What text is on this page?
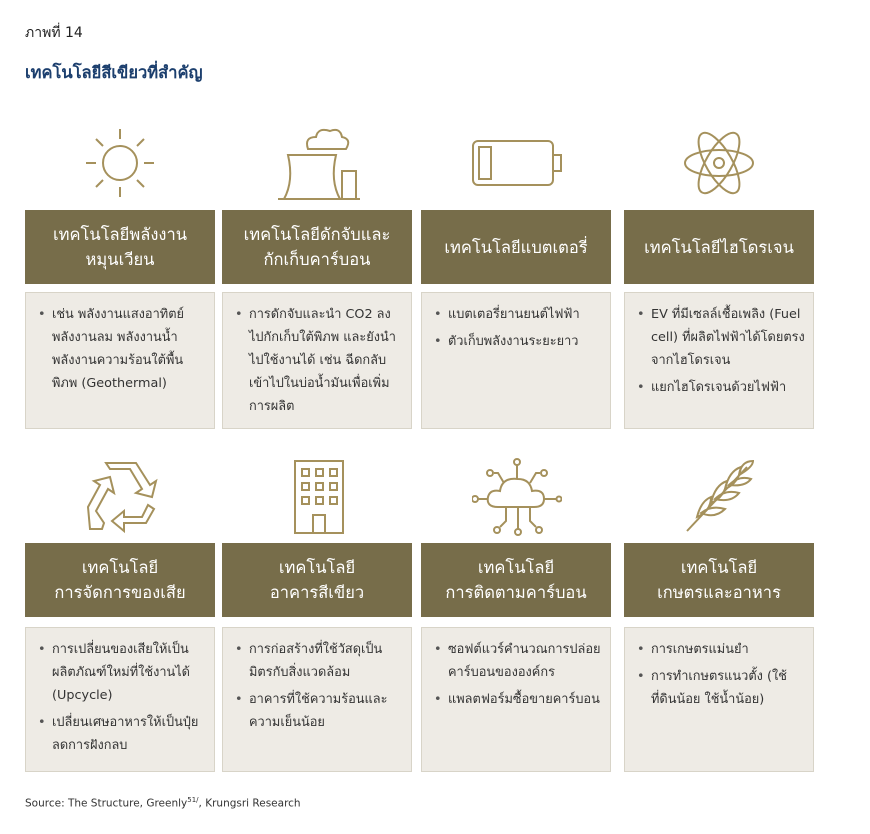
ภาพที่ 14
เทคโนโลยีสีเขียวที่สำคัญ
เทคโนโลยีพลังงาน
หมุนเวียน
เทคโนโลยีดักจับและ
กักเก็บคาร์บอน
เทคโนโลยีแบตเตอรี่	เทคโนโลยีไฮโดรเจน
• เช่น พลังงานแสงอาทิตย์ พลังงานลม พลังงานน้ำ พลังงานความร้อนใต้พื้นพิภพ (Geothermal)
• การดักจับและนำ CO2 ลงไปกักเก็บใต้พิภพ และยังนำไปใช้งานได้ เช่น ฉีดกลับเข้าไปในบ่อน้ำมันเพื่อเพิ่มการผลิต
• แบตเตอรี่ยานยนต์ไฟฟ้า
• ตัวเก็บพลังงานระยะยาว
• EV ที่มีเซลล์เชื้อเพลิง (Fuel cell) ที่ผลิตไฟฟ้าได้โดยตรงจากไฮโดรเจน
• แยกไฮโดรเจนด้วยไฟฟ้า
เทคโนโลยี
การจัดการของเสีย
เทคโนโลยี
อาคารสีเขียว
เทคโนโลยี
การติดตามคาร์บอน
เทคโนโลยี
เกษตรและอาหาร
• การเปลี่ยนของเสียให้เป็นผลิตภัณฑ์ใหม่ที่ใช้งานได้ (Upcycle)
• เปลี่ยนเศษอาหารให้เป็นปุ๋ย ลดการฝังกลบ
• การก่อสร้างที่ใช้วัสดุเป็นมิตรกับสิ่งแวดล้อม
• อาคารที่ใช้ความร้อนและความเย็นน้อย
• ซอฟต์แวร์คำนวณการปล่อยคาร์บอนขององค์กร
• แพลตฟอร์มซื้อขายคาร์บอน
• การเกษตรแม่นยำ
• การทำเกษตรแนวตั้ง (ใช้ที่ดินน้อย ใช้น้ำน้อย)
Source: The Structure, Greenly$^{51/}$, Krungsri Research
